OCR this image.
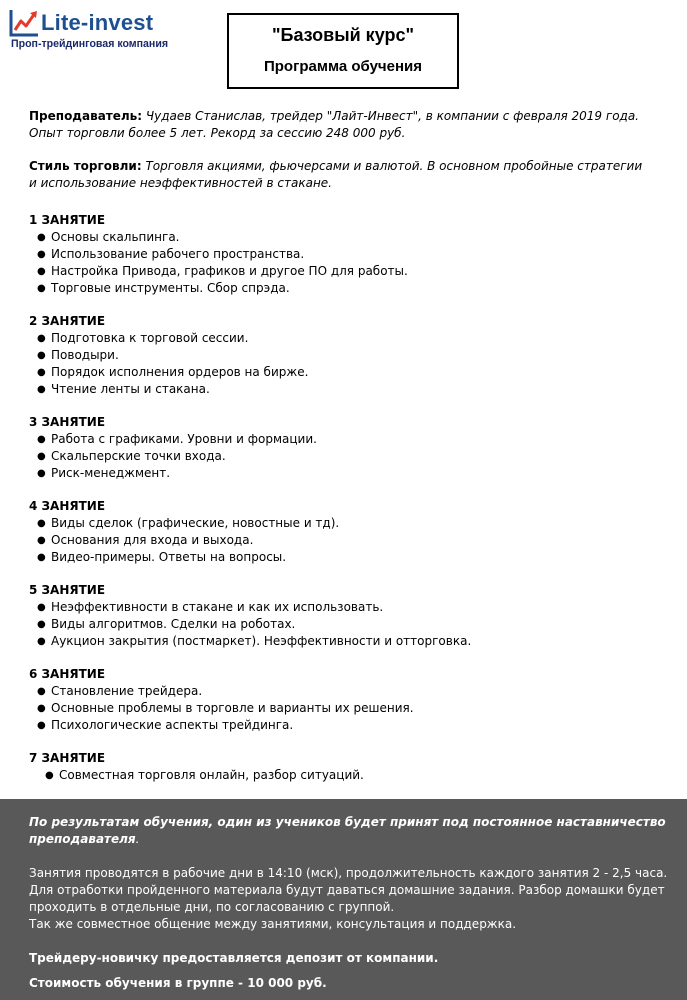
Lite-invest
Проп-трейдинговая компания	"Базовый курс"
Программа обучения

Преподаватель: Чудаев Станислав, трейдер "Лайт-Инвест", в компании с февраля 2019 года. Опыт торговли более 5 лет. Рекорд за сессию 248 000 руб.

Стиль торговли: Торговля акциями, фьючерсами и валютой. В основном пробойные стратегии и использование неэффективностей в стакане.

1 ЗАНЯТИЕ
● Основы скальпинга.
● Использование рабочего пространства.
● Настройка Привода, графиков и другое ПО для работы.
● Торговые инструменты. Сбор спрэда.
2 ЗАНЯТИЕ
● Подготовка к торговой сессии.
● Поводыри.
● Порядок исполнения ордеров на бирже.
● Чтение ленты и стакана.
3 ЗАНЯТИЕ
● Работа с графиками. Уровни и формации.
● Скальперские точки входа.
● Риск-менеджмент.
4 ЗАНЯТИЕ
● Виды сделок (графические, новостные и тд).
● Основания для входа и выхода.
● Видео-примеры. Ответы на вопросы.
5 ЗАНЯТИЕ
● Неэффективности в стакане и как их использовать.
● Виды алгоритмов. Сделки на роботах.
● Аукцион закрытия (постмаркет). Неэффективности и отторговка.
6 ЗАНЯТИЕ
● Становление трейдера.
● Основные проблемы в торговле и варианты их решения.
● Психологические аспекты трейдинга.
7 ЗАНЯТИЕ
● Совместная торговля онлайн, разбор ситуаций.

По результатам обучения, один из учеников будет принят под постоянное наставничество преподавателя.

Занятия проводятся в рабочие дни в 14:10 (мск), продолжительность каждого занятия 2 - 2,5 часа.

Для отработки пройденного материала будут даваться домашние задания. Разбор домашки будет проходить в отдельные дни, по согласованию с группой.

Так же совместное общение между занятиями, консультация и поддержка.

Трейдеру-новичку предоставляется депозит от компании.

Стоимость обучения в группе - 10 000 руб.
